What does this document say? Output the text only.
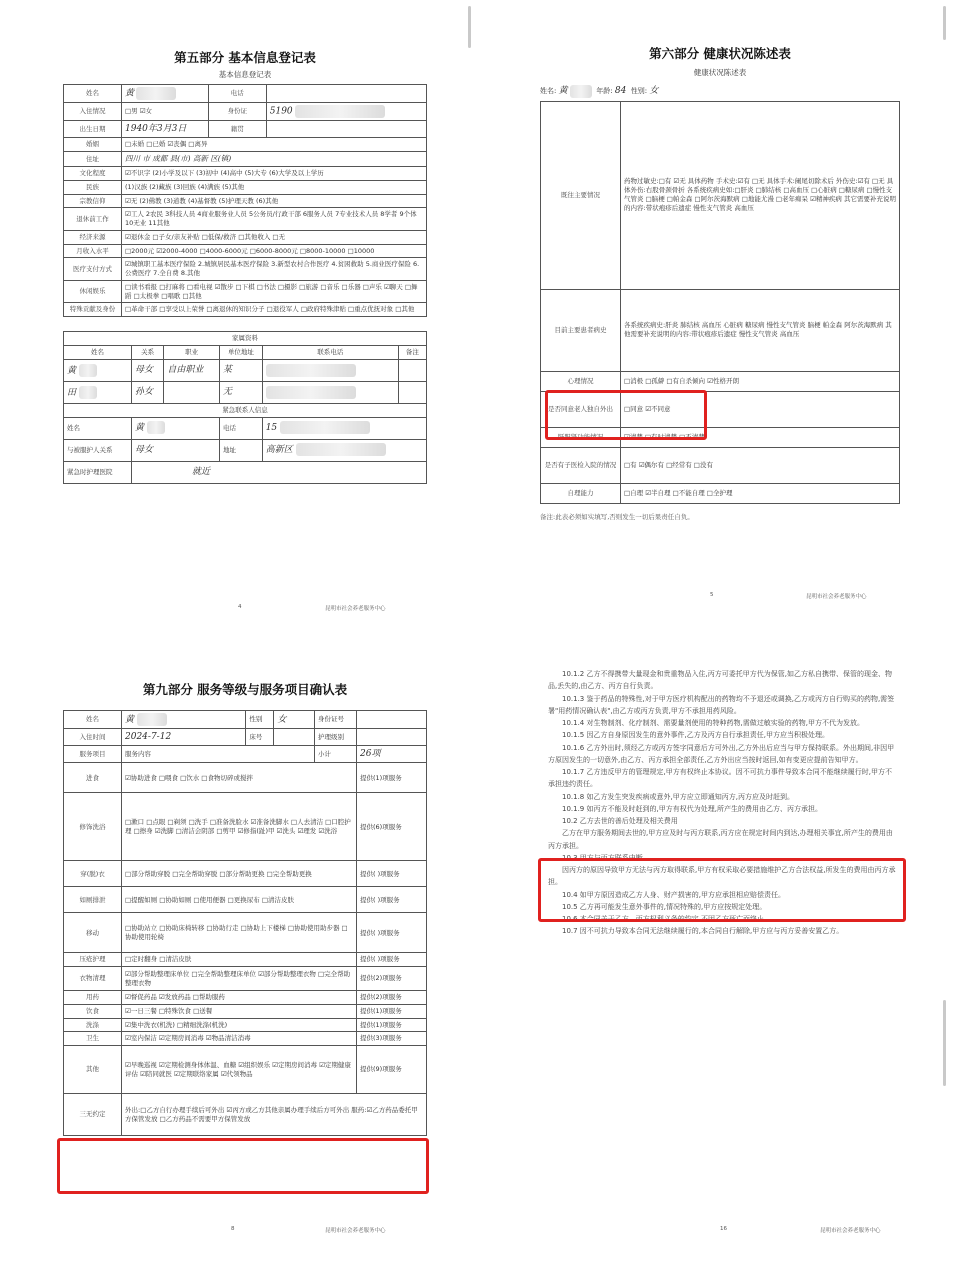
第五部分 基本信息登记表
基本信息登记表
姓名	黄	电话	
入住情况	□男 ☑女	身份证	5190
出生日期	1940年3月3日	籍贯	
婚姻	□未婚 □已婚 ☑丧偶 □离异		
住址	四川 市 成都 县(市) 高新 区(镇)		
文化程度	☑不识字 (2)小学及以下 (3)初中 (4)高中 (5)大专 (6)大学及以上学历		
民族	(1)汉族 (2)藏族 (3)回族 (4)满族 (5)其他		
宗教信仰	☑无 (2)佛教 (3)道教 (4)基督教 (5)护理天教 (6)其他		
退休前工作	☑工人 2农民 3科技人员 4商业服务业人员 5公务员/行政干部 6服务人员 7专业技术人员 8学者 9个体 10无业 11其他		
经济来源	☑退休金 □子女/亲友补贴 □低保/救济 □其他收入 □无		
月收入水平	□2000元 ☑2000-4000 □4000-6000元 □6000-8000元 □8000-10000 □10000		
医疗支付方式	☑城镇职工基本医疗保险 2.城镇居民基本医疗保险 3.新型农村合作医疗 4.贫困救助 5.商业医疗保险 6.公费医疗 7.全自费 8.其他		
休闲娱乐	□读书看报 □打麻将 □看电视 ☑散步 □下棋 □书法 □摄影 □旅游 □音乐 □乐器 □声乐 ☑聊天 □舞蹈 □太极拳 □唱歌 □其他		
特殊贡献及身份	□革命干部 □享受以上荣誉 □离退休的知识分子 □退役军人 □政府特殊津贴 □重点优抚对象 □其他		
家属资料					
姓名	关系	职业	单位地址	联系电话	备注
黄	母女	自由职业	某		
田	孙女		无		
紧急联系人信息					
姓名	黄		电话	15	
与被服护人关系	母女		地址	高新区	
紧急时护理医院	就近				
4	昆明市社会养老服务中心
第六部分 健康状况陈述表
健康状况陈述表
姓名: 黄	年龄: 84 性别: 女
既往主要情况	药物过敏史:□有 ☑无 具体药物 手术史:☑有 □无 具体手术:阑尾切除术后 外伤史:☑有 □无 具体外伤:右股骨颈骨折 各系统疾病史如:□肝炎 □肺结核 □高血压 □心脏病 □糖尿病 □慢性支气管炎 □脑梗 □帕金森 □阿尔茨海默病 □地能尤漫 □老年痴呆 ☑精神疾病 其它需要补充说明的内容:带状疱疹后遗症 慢性支气管炎 高血压
目前主要患者病史	各系统疾病史:肝炎 肺结核 高血压 心脏病 糖尿病 慢性支气管炎 脑梗 帕金森 阿尔茨海默病 其他需要补充说明的内容:带状疱疹后遗症 慢性支气管炎 高血压
心理情况	□消极 □孤僻 □有自杀倾向 ☑性格开朗
是否同意老人独自外出	□同意 ☑不同意
肝胆肾功能情况	☑清楚 □有时清楚 □不清楚
是否有子医检入院的情况	□有 ☑偶尔有 □经常有 □没有
自理能力	□自理 ☑半自理 □不能自理 □全护理
备注:此表必须如实填写,否则发生一切后果责任自负。
5	昆明市社会养老服务中心
第九部分 服务等级与服务项目确认表
姓名	黄	性别	女	身份证号	
入住时间	2024-7-12	床号		护理级别	
服务项目	服务内容			小计	26项
进食	☑协助进食 □喂食 □饮水 □食物切碎或搅拌				提供(1)项服务
修饰洗浴	□漱口 □点眼 □剃须 □洗手 □准备洗脸水 ☑准备洗脚水 □人去清洁 □口腔护理 □擦身 ☑洗脚 □清洁会阴部 □剪甲 ☑修指(趾)甲 ☑洗头 ☑理发 ☑洗浴				提供(6)项服务
穿(脱)衣	□部分帮助穿脱 □完全帮助穿脱 □部分帮助更换 □完全帮助更换				提供( )项服务
如厕排泄	□提醒如厕 □协助如厕 □使用便器 □更换尿布 □清洁皮肤				提供( )项服务
移动	□协助站立 □协助床椅转移 □协助行走 □协助上下楼梯 □协助使用助步器 □协助使用轮椅				提供( )项服务
压疮护理	□定时翻身 □清洁皮肤				提供( )项服务
衣物清理	☑部分帮助整理床单位 □完全帮助整理床单位 ☑部分帮助整理衣物 □完全帮助整理衣物				提供(2)项服务
用药	☑督促药品 ☑发放药品 □帮助服药				提供(2)项服务
饮食	☑一日三餐 □特殊饮食 □送餐				提供(1)项服务
洗涤	☑集中洗衣(机洗) □精细洗涤(机洗)				提供(1)项服务
卫生	☑室内保洁 ☑定期房间消毒 ☑物品清洁消毒				提供(3)项服务
其他	☑早晚巡视 ☑定期检测身体体温、血糖 ☑组织娱乐 ☑定期房间消毒 ☑定期健康评估 ☑陪同就医 ☑定期联络家属 ☑代领物品				提供(9)项服务
三无约定	外出:□乙方自行办理手续后可外出 ☑丙方或乙方其他亲属办理手续后方可外出 服药:☑乙方药品委托甲方保管发放 □乙方药品不需要甲方保管发放				
8	昆明市社会养老服务中心

10.1.2 乙方不得携带大量现金和贵重物品入住,丙方可委托甲方代为保管,如乙方私自携带、保管的现金、物品,丢失的,由乙方、丙方自行负责。

10.1.3 鉴于药品的特殊性,对于甲方医疗机构配出的药物均不予退还或调换,乙方或丙方自行购买的药物,需签署"用药情况确认表",由乙方或丙方负责,甲方不承担用药风险。

10.1.4 对生物制剂、化疗制剂、需要量剂使用的特种药物,需做过敏实验的药物,甲方不代为发放。

10.1.5 因乙方自身原因发生的意外事件,乙方及丙方自行承担责任,甲方应当积极处理。

10.1.6 乙方外出时,须经乙方或丙方签字同意后方可外出,乙方外出后应当与甲方保持联系。外出期间,非因甲方原因发生的一切意外,由乙方、丙方承担全部责任,乙方外出应当按时返回,如有变更应提前告知甲方。

10.1.7 乙方违反甲方的管理规定,甲方有权终止本协议。因不可抗力事件导致本合同不能继续履行时,甲方不承担违约责任。

10.1.8 如乙方发生突发疾病或意外,甲方应立即通知丙方,丙方应及时赶到。

10.1.9 如丙方不能及时赶到的,甲方有权代为处理,所产生的费用由乙方、丙方承担。

10.2 乙方去世的善后处理及相关费用

乙方在甲方服务期间去世的,甲方应及时与丙方联系,丙方应在规定时间内到达,办理相关事宜,所产生的费用由丙方承担。

10.3 甲方与丙方联系中断

因丙方的原因导致甲方无法与丙方取得联系,甲方有权采取必要措施维护乙方合法权益,所发生的费用由丙方承担。

10.4 如甲方原因造成乙方人身、财产损害的,甲方应承担相应赔偿责任。

10.5 乙方再可能发生意外事件的,情况特殊的,甲方应按规定处理。

10.6 本合同关于乙方、丙方权利义务的约定,不因乙方死亡而终止。

10.7 因不可抗力导致本合同无法继续履行的,本合同自行解除,甲方应与丙方妥善安置乙方。

16	昆明市社会养老服务中心
